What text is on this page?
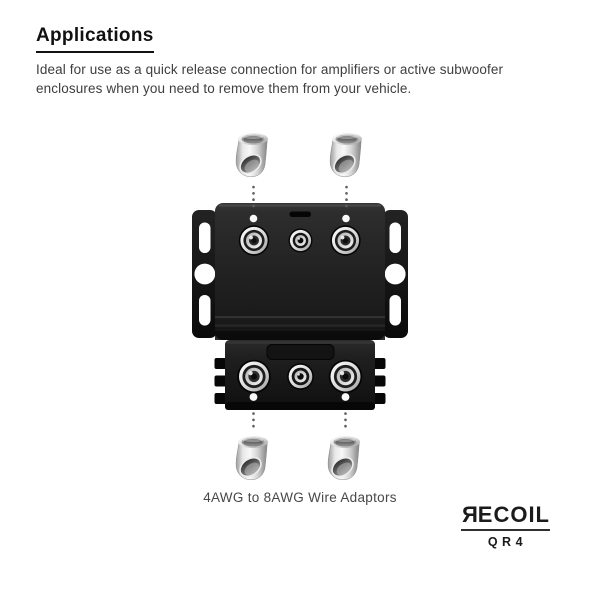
Applications

Ideal for use as a quick release connection for amplifiers or active subwoofer
enclosures when you need to remove them from your vehicle.

4AWG to 8AWG Wire Adaptors
RECOIL
QR4
